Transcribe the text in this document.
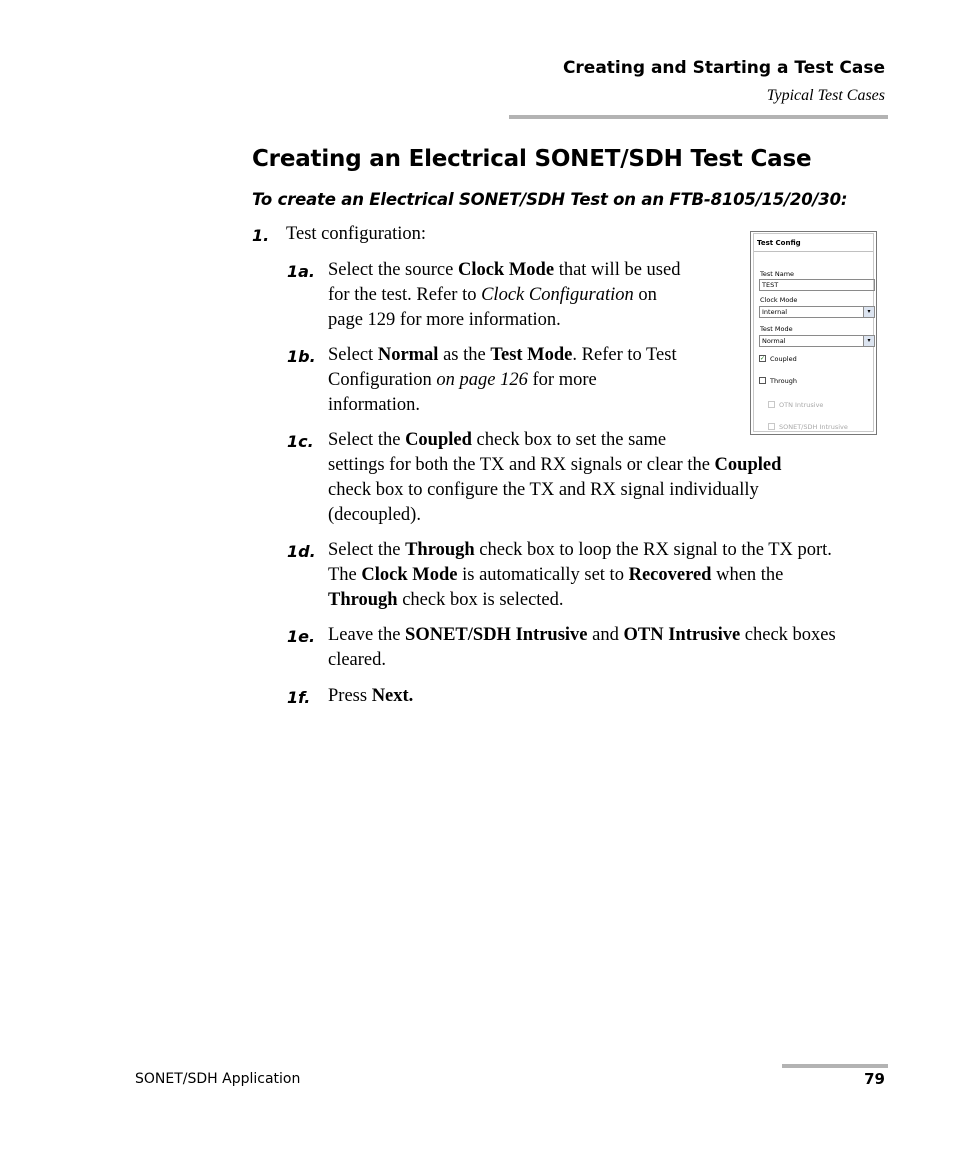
Creating and Starting a Test Case
Typical Test Cases
Creating an Electrical SONET/SDH Test Case
To create an Electrical SONET/SDH Test on an FTB-8105/15/20/30:
1. Test configuration:
1a. Select the source Clock Mode that will be used
for the test. Refer to Clock Configuration on
page 129 for more information.
1b. Select Normal as the Test Mode. Refer to Test
Configuration on page 126 for more
information.
1c. Select the Coupled check box to set the same
settings for both the TX and RX signals or clear the Coupled
check box to configure the TX and RX signal individually
(decoupled).
1d. Select the Through check box to loop the RX signal to the TX port.
The Clock Mode is automatically set to Recovered when the
Through check box is selected.
1e. Leave the SONET/SDH Intrusive and OTN Intrusive check boxes
cleared.
1f. Press Next.
Test Config
Test Name
TEST
Clock Mode
Internal	▾
Test Mode
Normal	▾
✓ Coupled
Through
OTN Intrusive
SONET/SDH Intrusive
SONET/SDH Application	79
